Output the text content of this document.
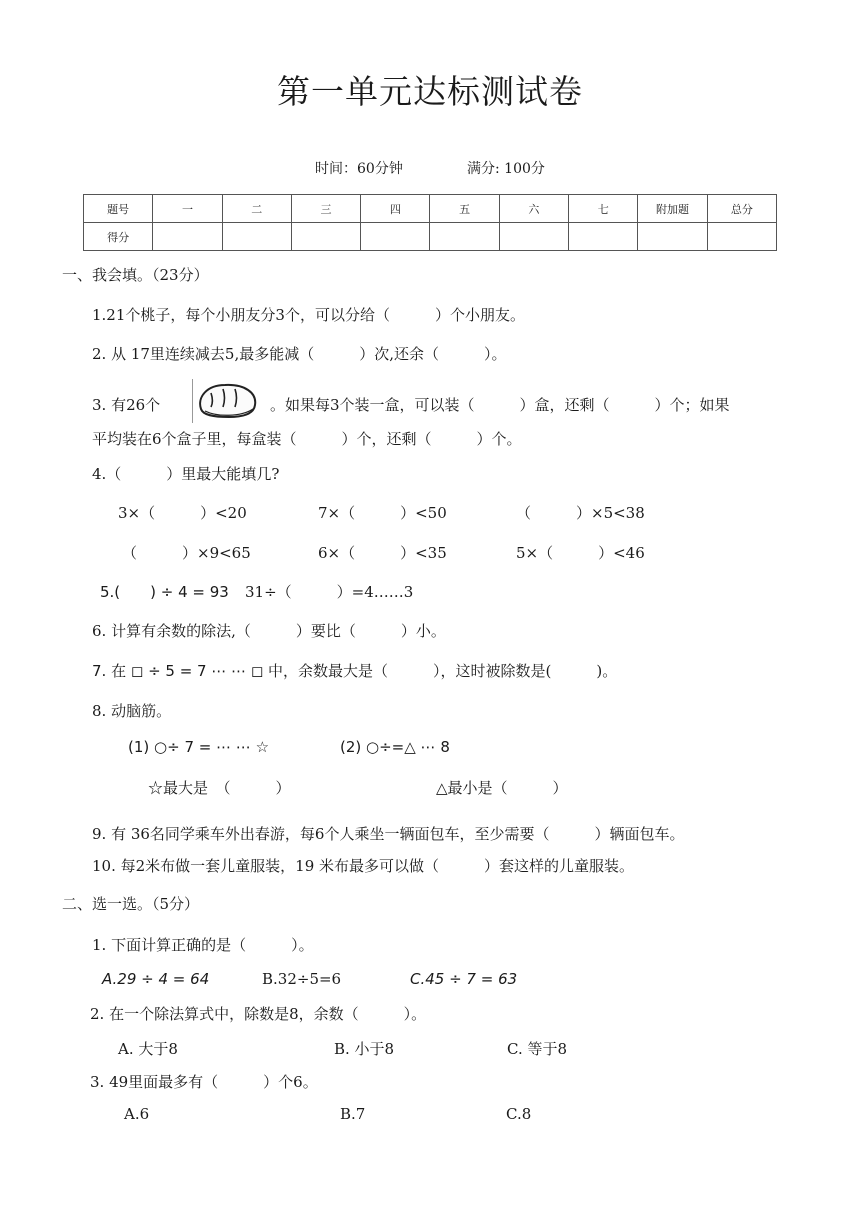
第一单元达标测试卷
时间：60分钟	满分: 100分
题号	一	二	三	四	五	六	七	附加题	总分
得分									
一、我会填。（23分）
1.21个桃子，每个小朋友分3个，可以分给（　　　）个小朋友。
2. 从 17里连续减去5,最多能减（　　　）次,还余（　　　）。
3. 有26个	。如果每3个装一盒，可以装（　　　）盒，还剩（　　　）个；如果
平均装在6个盒子里，每盒装（　　　）个，还剩（　　　）个。
4.（　　　）里最大能填几?
3×（　　　）<20	7×（　　　）<50	（　　　）×5<38
（　　　）×9<65	6×（　　　）<35	5×（　　　）<46
5.(　　) ÷ 4 = 93 31÷（　　　）=4……3
6. 计算有余数的除法,（　　　）要比（　　　）小。
7. 在 ◻ ÷ 5 = 7 ⋯ ⋯ ◻ 中，余数最大是（　　　），这时被除数是(　　　)。
8. 动脑筋。
(1) ○÷ 7 = ⋯ ⋯ ☆	(2) ○÷=△ ⋯ 8
☆最大是　（　　　）	△最小是（　　　）
9. 有 36名同学乘车外出春游，每6个人乘坐一辆面包车，至少需要（　　　）辆面包车。
10. 每2米布做一套儿童服装，19 米布最多可以做（　　　）套这样的儿童服装。
二、选一选。（5分）
1. 下面计算正确的是（　　　）。
A.29 ÷ 4 = 64	B.32÷5=6	C.45 ÷ 7 = 63
2. 在一个除法算式中，除数是8，余数（　　　）。
A. 大于8	B. 小于8	C. 等于8
3. 49里面最多有（　　　）个6。
A.6	B.7	C.8
